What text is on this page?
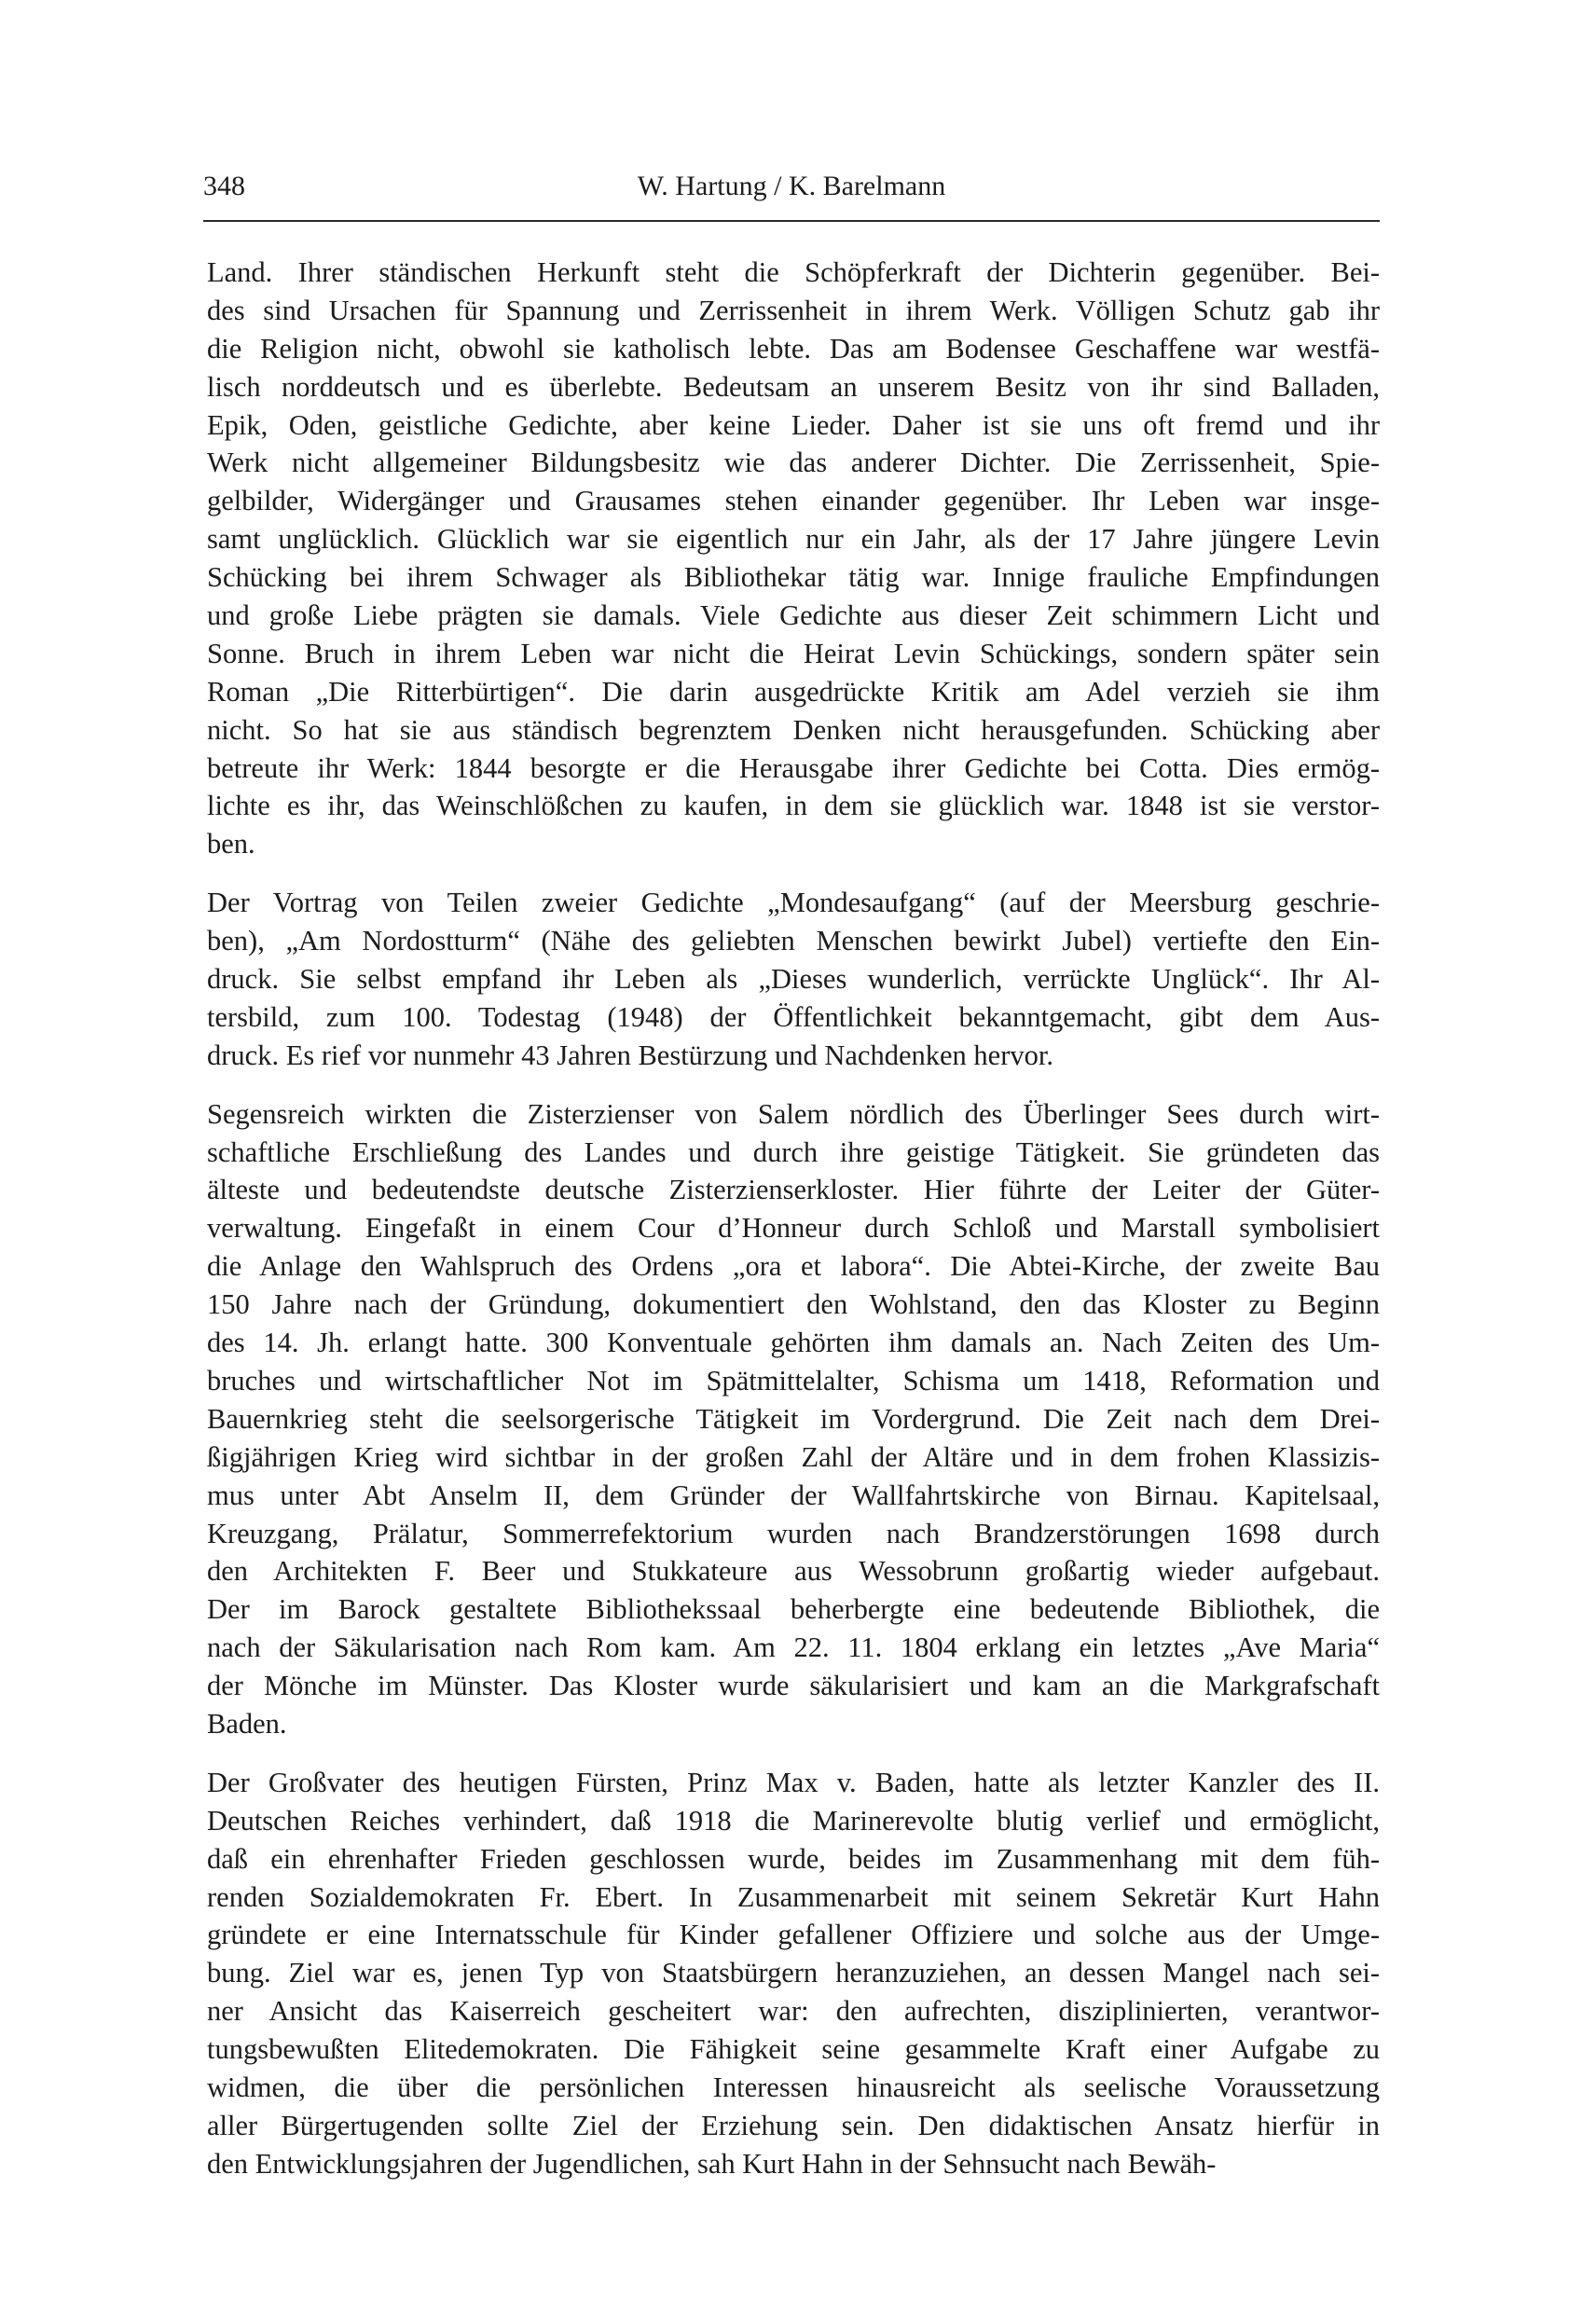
348	W. Hartung / K. Barelmann
Land. Ihrer ständischen Herkunft steht die Schöpferkraft der Dichterin gegenüber. Bei-
des sind Ursachen für Spannung und Zerrissenheit in ihrem Werk. Völligen Schutz gab ihr
die Religion nicht, obwohl sie katholisch lebte. Das am Bodensee Geschaffene war westfä-
lisch norddeutsch und es überlebte. Bedeutsam an unserem Besitz von ihr sind Balladen,
Epik, Oden, geistliche Gedichte, aber keine Lieder. Daher ist sie uns oft fremd und ihr
Werk nicht allgemeiner Bildungsbesitz wie das anderer Dichter. Die Zerrissenheit, Spie-
gelbilder, Widergänger und Grausames stehen einander gegenüber. Ihr Leben war insge-
samt unglücklich. Glücklich war sie eigentlich nur ein Jahr, als der 17 Jahre jüngere Levin
Schücking bei ihrem Schwager als Bibliothekar tätig war. Innige frauliche Empfindungen
und große Liebe prägten sie damals. Viele Gedichte aus dieser Zeit schimmern Licht und
Sonne. Bruch in ihrem Leben war nicht die Heirat Levin Schückings, sondern später sein
Roman „Die Ritterbürtigen“. Die darin ausgedrückte Kritik am Adel verzieh sie ihm
nicht. So hat sie aus ständisch begrenztem Denken nicht herausgefunden. Schücking aber
betreute ihr Werk: 1844 besorgte er die Herausgabe ihrer Gedichte bei Cotta. Dies ermög-
lichte es ihr, das Weinschlößchen zu kaufen, in dem sie glücklich war. 1848 ist sie verstor-
ben.
Der Vortrag von Teilen zweier Gedichte „Mondesaufgang“ (auf der Meersburg geschrie-
ben), „Am Nordostturm“ (Nähe des geliebten Menschen bewirkt Jubel) vertiefte den Ein-
druck. Sie selbst empfand ihr Leben als „Dieses wunderlich, verrückte Unglück“. Ihr Al-
tersbild, zum 100. Todestag (1948) der Öffentlichkeit bekanntgemacht, gibt dem Aus-
druck. Es rief vor nunmehr 43 Jahren Bestürzung und Nachdenken hervor.
Segensreich wirkten die Zisterzienser von Salem nördlich des Überlinger Sees durch wirt-
schaftliche Erschließung des Landes und durch ihre geistige Tätigkeit. Sie gründeten das
älteste und bedeutendste deutsche Zisterzienserkloster. Hier führte der Leiter der Güter-
verwaltung. Eingefaßt in einem Cour d’Honneur durch Schloß und Marstall symbolisiert
die Anlage den Wahlspruch des Ordens „ora et labora“. Die Abtei-Kirche, der zweite Bau
150 Jahre nach der Gründung, dokumentiert den Wohlstand, den das Kloster zu Beginn
des 14. Jh. erlangt hatte. 300 Konventuale gehörten ihm damals an. Nach Zeiten des Um-
bruches und wirtschaftlicher Not im Spätmittelalter, Schisma um 1418, Reformation und
Bauernkrieg steht die seelsorgerische Tätigkeit im Vordergrund. Die Zeit nach dem Drei-
ßigjährigen Krieg wird sichtbar in der großen Zahl der Altäre und in dem frohen Klassizis-
mus unter Abt Anselm II, dem Gründer der Wallfahrtskirche von Birnau. Kapitelsaal,
Kreuzgang, Prälatur, Sommerrefektorium wurden nach Brandzerstörungen 1698 durch
den Architekten F. Beer und Stukkateure aus Wessobrunn großartig wieder aufgebaut.
Der im Barock gestaltete Bibliothekssaal beherbergte eine bedeutende Bibliothek, die
nach der Säkularisation nach Rom kam. Am 22. 11. 1804 erklang ein letztes „Ave Maria“
der Mönche im Münster. Das Kloster wurde säkularisiert und kam an die Markgrafschaft
Baden.
Der Großvater des heutigen Fürsten, Prinz Max v. Baden, hatte als letzter Kanzler des II.
Deutschen Reiches verhindert, daß 1918 die Marinerevolte blutig verlief und ermöglicht,
daß ein ehrenhafter Frieden geschlossen wurde, beides im Zusammenhang mit dem füh-
renden Sozialdemokraten Fr. Ebert. In Zusammenarbeit mit seinem Sekretär Kurt Hahn
gründete er eine Internatsschule für Kinder gefallener Offiziere und solche aus der Umge-
bung. Ziel war es, jenen Typ von Staatsbürgern heranzuziehen, an dessen Mangel nach sei-
ner Ansicht das Kaiserreich gescheitert war: den aufrechten, disziplinierten, verantwor-
tungsbewußten Elitedemokraten. Die Fähigkeit seine gesammelte Kraft einer Aufgabe zu
widmen, die über die persönlichen Interessen hinausreicht als seelische Voraussetzung
aller Bürgertugenden sollte Ziel der Erziehung sein. Den didaktischen Ansatz hierfür in
den Entwicklungsjahren der Jugendlichen, sah Kurt Hahn in der Sehnsucht nach Bewäh-
